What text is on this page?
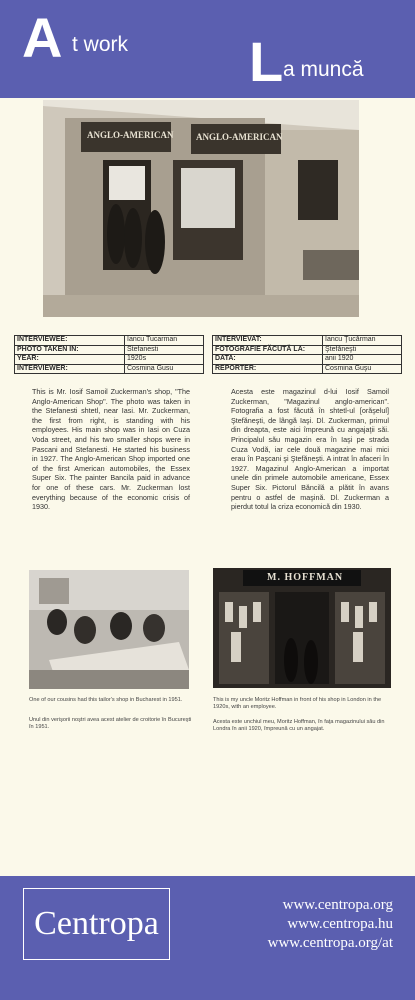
A t work L a muncă
ANGLO-AMERICAN	ANGLO-AMERICAN
INTERVIEWEE:	Iancu Tucarman
PHOTO TAKEN IN:	Stefanesti
YEAR:	1920s
INTERVIEWER:	Cosmina Gusu
INTERVIEVAT:	Iancu Ţucărman
FOTOGRAFIE FĂCUTĂ LA:	Ştefăneşti
DATA:	anii 1920
REPORTER:	Cosmina Guşu
This is Mr. Iosif Samoil Zuckerman's shop, "The Anglo-American Shop". The photo was taken in the Stefanesti shtetl, near Iasi. Mr. Zuckerman, the first from right, is standing with his employees. His main shop was in Iasi on Cuza Voda street, and his two smaller shops were in Pascani and Stefanesti. He started his business in 1927. The Anglo-American Shop imported one of the first American automobiles, the Essex Super Six. The painter Bancila paid in advance for one of these cars. Mr. Zuckerman lost everything because of the economic crisis of 1930.
Acesta este magazinul d-lui Iosif Samoil Zuckerman, "Magazinul anglo-american". Fotografia a fost făcută în shtetl-ul [orăşelul] Ştefăneşti, de lângă Iaşi. Dl. Zuckerman, primul din dreapta, este aici împreună cu angajaţii săi. Principalul său magazin era în Iaşi pe strada Cuza Vodă, iar cele două magazine mai mici erau în Paşcani şi Ştefăneşti. A intrat în afaceri în 1927. Magazinul Anglo-American a importat unele din primele automobile americane, Essex Super Six. Pictorul Băncilă a plătit în avans pentru o astfel de maşină. Dl. Zuckerman a pierdut totul la criza economică din 1930.
One of our cousins had this tailor's shop in Bucharest in 1951.
Unul din verişorii noştri avea acest atelier de croitorie în Bucureşti în 1951.
M. HOFFMAN
This is my uncle Moritz Hoffman in front of his shop in London in the 1920s, with an employee.
Acesta este unchiul meu, Moritz Hoffman, în faţa magazinului său din Londra în anii 1920, împreună cu un angajat.
Centropa	www.centropa.org
www.centropa.hu
www.centropa.org/at
